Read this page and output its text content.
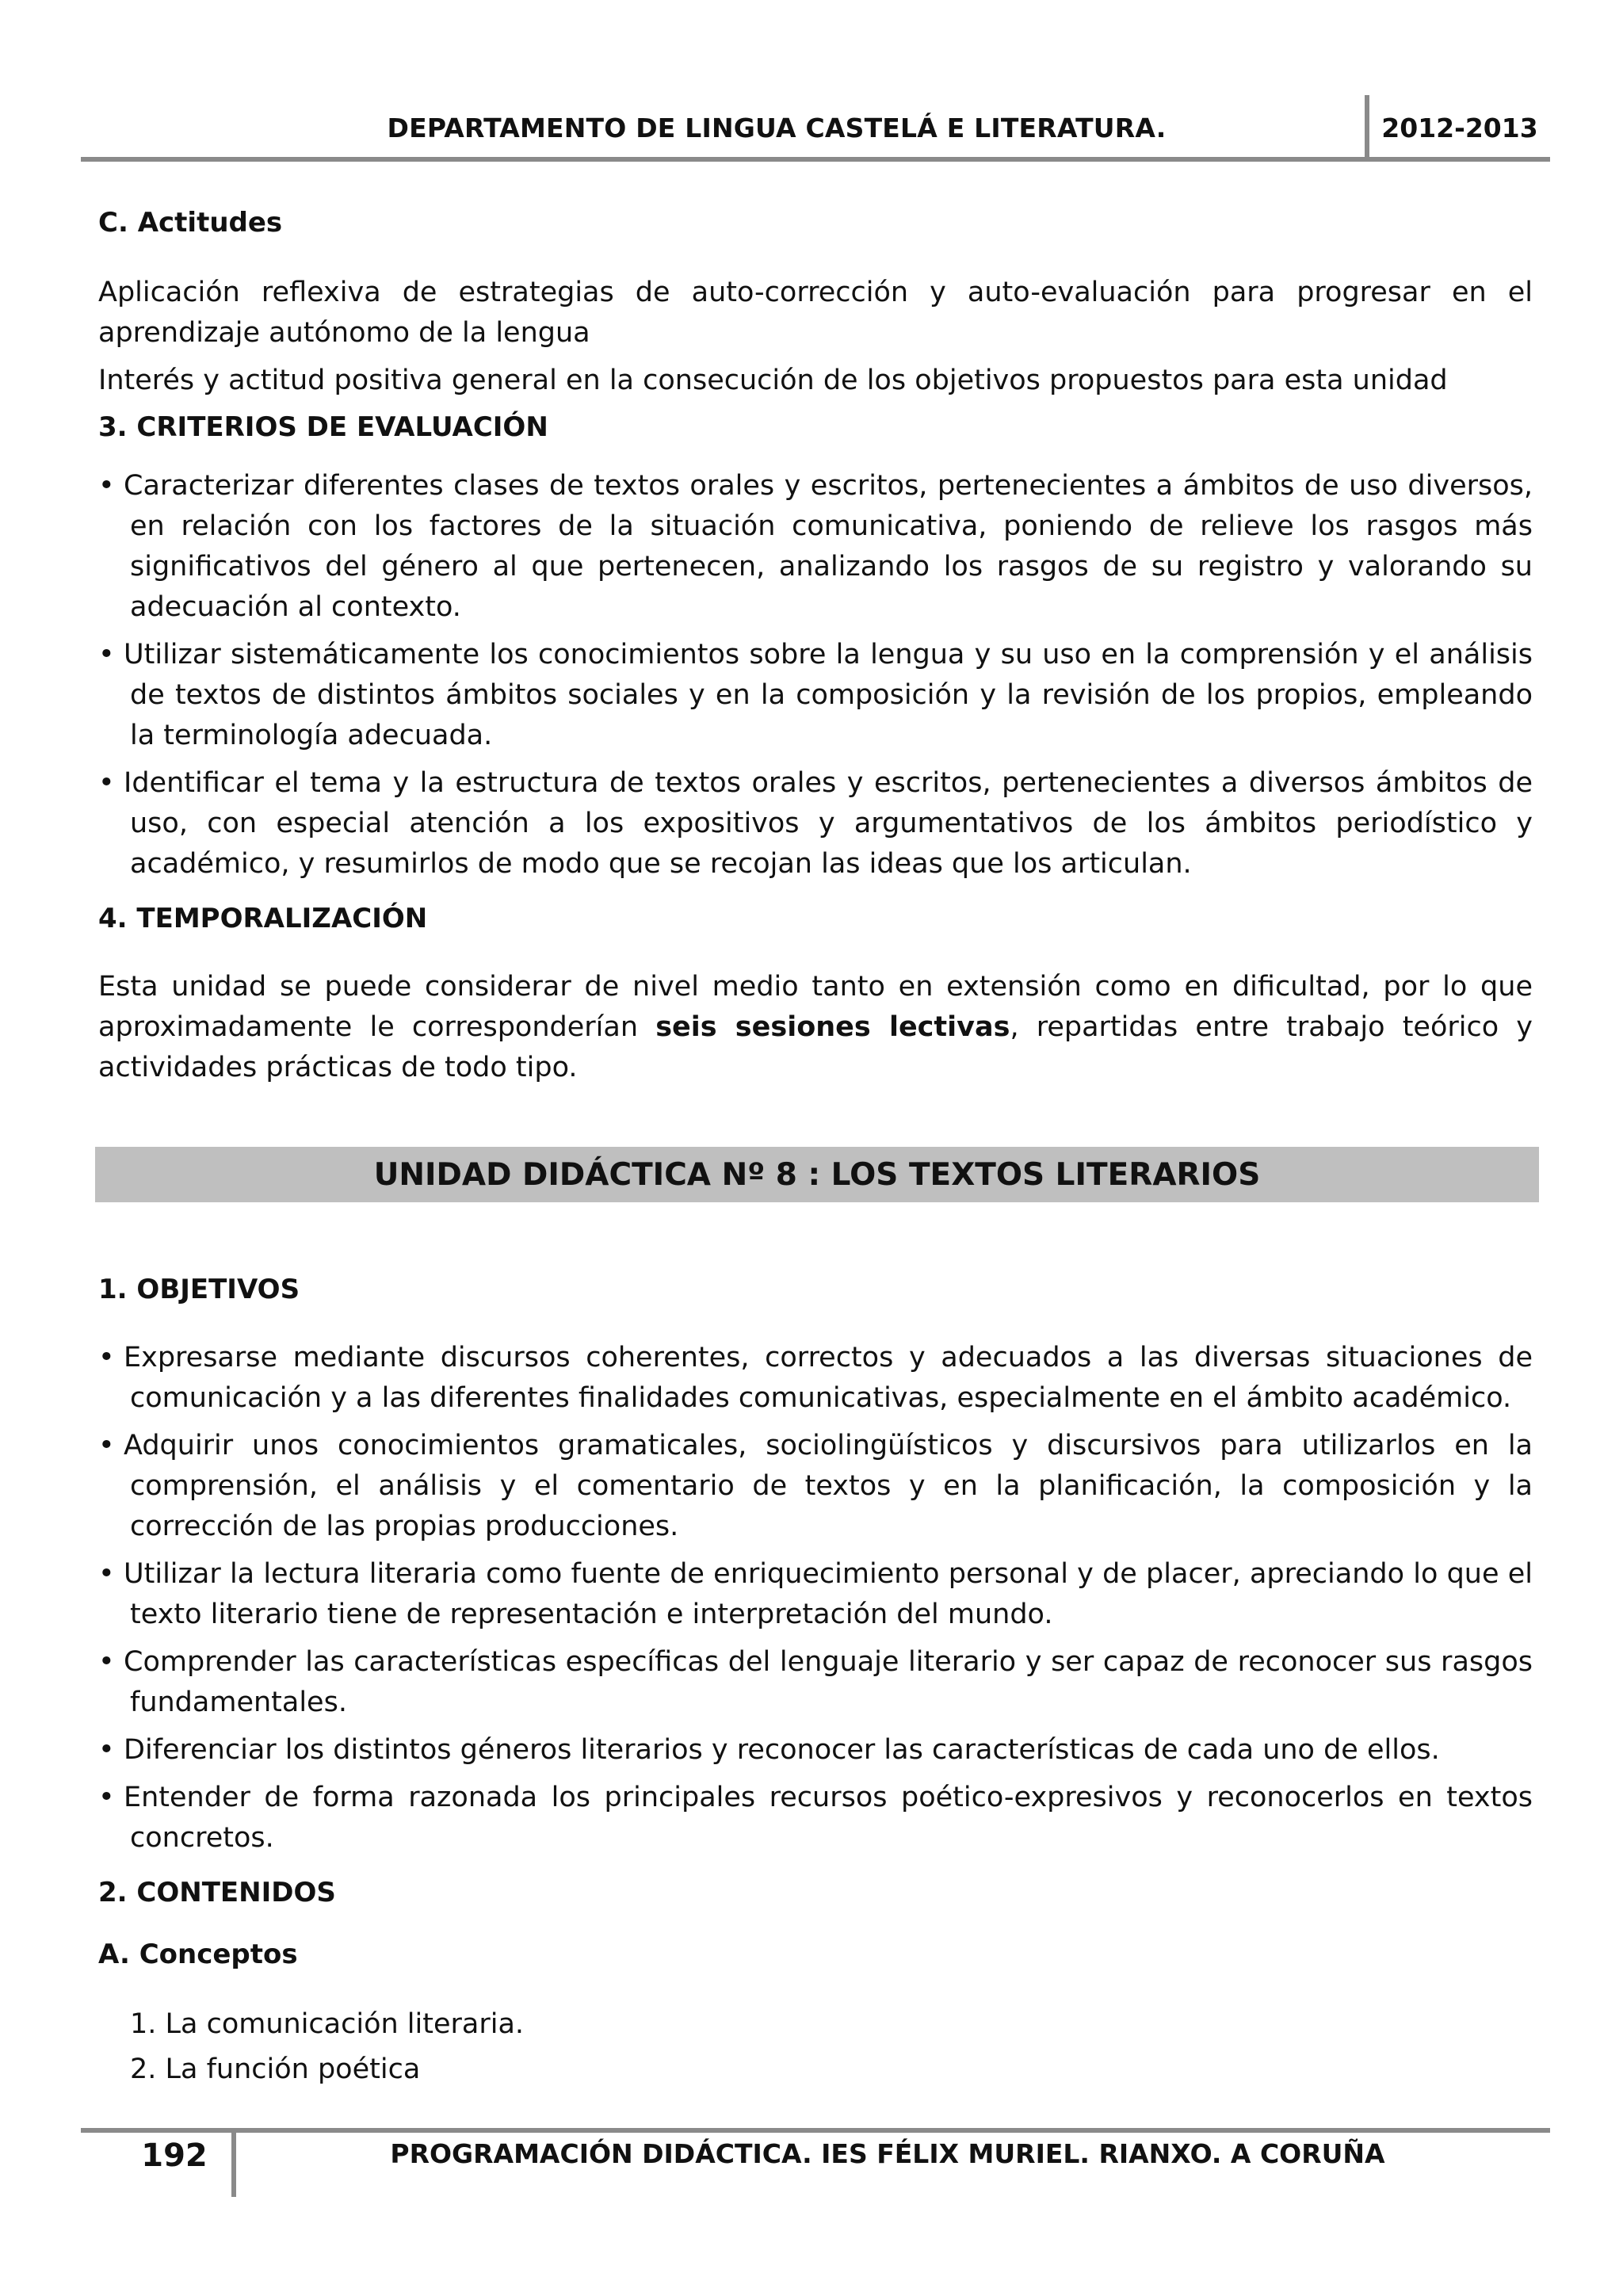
DEPARTAMENTO DE LINGUA CASTELÁ E LITERATURA.	2012-2013

C. Actitudes

Aplicación reflexiva de estrategias de auto-corrección y auto-evaluación para progresar en el aprendizaje autónomo de la lengua

Interés y actitud positiva general en la consecución de los objetivos propuestos para esta unidad

3. CRITERIOS DE EVALUACIÓN

• Caracterizar diferentes clases de textos orales y escritos, pertenecientes a ámbitos de uso diversos, en relación con los factores de la situación comunicativa, poniendo de relieve los rasgos más significativos del género al que pertenecen, analizando los rasgos de su registro y valorando su adecuación al contexto.

• Utilizar sistemáticamente los conocimientos sobre la lengua y su uso en la comprensión y el análisis de textos de distintos ámbitos sociales y en la composición y la revisión de los propios, empleando la terminología adecuada.

• Identificar el tema y la estructura de textos orales y escritos, pertenecientes a diversos ámbitos de uso, con especial atención a los expositivos y argumentativos de los ámbitos periodístico y académico, y resumirlos de modo que se recojan las ideas que los articulan.

4. TEMPORALIZACIÓN

Esta unidad se puede considerar de nivel medio tanto en extensión como en dificultad, por lo que aproximadamente le corresponderían seis sesiones lectivas, repartidas entre trabajo teórico y actividades prácticas de todo tipo.

UNIDAD DIDÁCTICA Nº 8 : LOS TEXTOS LITERARIOS

1. OBJETIVOS

• Expresarse mediante discursos coherentes, correctos y adecuados a las diversas situaciones de comunicación y a las diferentes finalidades comunicativas, especialmente en el ámbito académico.

• Adquirir unos conocimientos gramaticales, sociolingüísticos y discursivos para utilizarlos en la comprensión, el análisis y el comentario de textos y en la planificación, la composición y la corrección de las propias producciones.

• Utilizar la lectura literaria como fuente de enriquecimiento personal y de placer, apreciando lo que el texto literario tiene de representación e interpretación del mundo.

• Comprender las características específicas del lenguaje literario y ser capaz de reconocer sus rasgos fundamentales.

• Diferenciar los distintos géneros literarios y reconocer las características de cada uno de ellos.

• Entender de forma razonada los principales recursos poético-expresivos y reconocerlos en textos concretos.

2. CONTENIDOS

A. Conceptos

1. La comunicación literaria.

2. La función poética

192	PROGRAMACIÓN DIDÁCTICA. IES FÉLIX MURIEL. RIANXO. A CORUÑA
